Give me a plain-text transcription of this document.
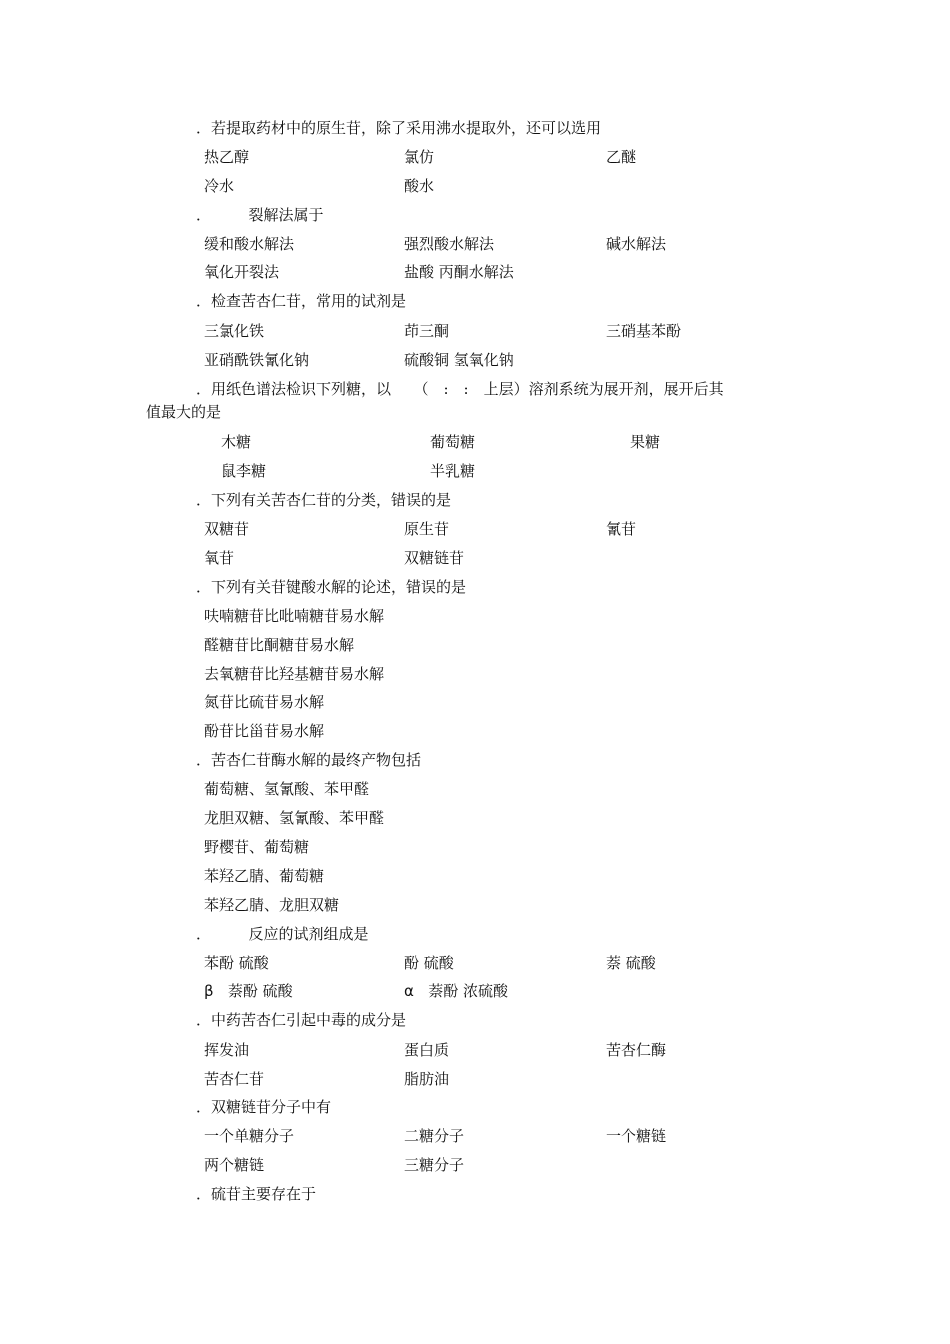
．若提取药材中的原生苷，除了采用沸水提取外，还可以选用
热乙醇	氯仿	乙醚
冷水	酸水
．　　　裂解法属于
缓和酸水解法	强烈酸水解法	碱水解法
氧化开裂法	盐酸 丙酮水解法
．检查苦杏仁苷，常用的试剂是
三氯化铁	茚三酮	三硝基苯酚
亚硝酰铁氰化钠	硫酸铜 氢氧化钠
．用纸色谱法检识下列糖，以　　（　:　:　上层）溶剂系统为展开剂，展开后其
值最大的是
木糖	葡萄糖	果糖
鼠李糖	半乳糖
．下列有关苦杏仁苷的分类，错误的是
双糖苷	原生苷	氰苷
氧苷	双糖链苷
．下列有关苷键酸水解的论述，错误的是
呋喃糖苷比吡喃糖苷易水解
醛糖苷比酮糖苷易水解
去氧糖苷比羟基糖苷易水解
氮苷比硫苷易水解
酚苷比甾苷易水解
．苦杏仁苷酶水解的最终产物包括
葡萄糖、氢氰酸、苯甲醛
龙胆双糖、氢氰酸、苯甲醛
野樱苷、葡萄糖
苯羟乙腈、葡萄糖
苯羟乙腈、龙胆双糖
．　　　反应的试剂组成是
苯酚 硫酸	酚 硫酸	萘 硫酸
β 萘酚 硫酸	α 萘酚 浓硫酸
．中药苦杏仁引起中毒的成分是
挥发油	蛋白质	苦杏仁酶
苦杏仁苷	脂肪油
．双糖链苷分子中有
一个单糖分子	二糖分子	一个糖链
两个糖链	三糖分子
．硫苷主要存在于
